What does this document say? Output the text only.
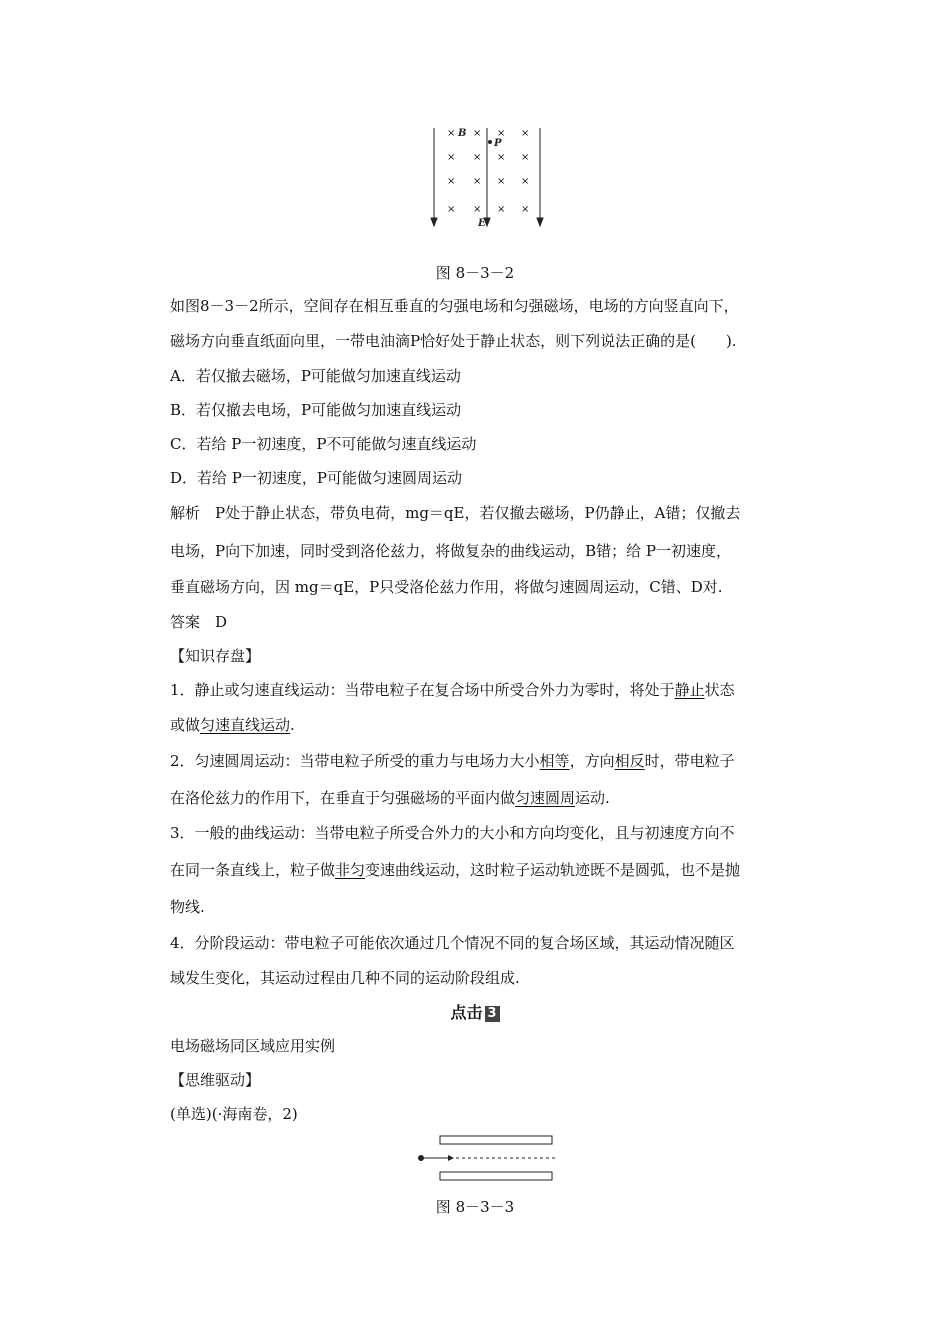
× × × ×
× × × ×
× × × ×
× × × ×
B
P
E
图 8－3－2
如图8－3－2所示，空间存在相互垂直的匀强电场和匀强磁场，电场的方向竖直向下，
磁场方向垂直纸面向里，一带电油滴P恰好处于静止状态，则下列说法正确的是(　　).
A．若仅撤去磁场，P可能做匀加速直线运动
B．若仅撤去电场，P可能做匀加速直线运动
C．若给 P一初速度，P不可能做匀速直线运动
D．若给 P一初速度，P可能做匀速圆周运动
解析　P处于静止状态，带负电荷，mg＝qE，若仅撤去磁场，P仍静止，A错；仅撤去
电场，P向下加速，同时受到洛伦兹力，将做复杂的曲线运动，B错；给 P一初速度，
垂直磁场方向，因 mg＝qE，P只受洛伦兹力作用，将做匀速圆周运动，C错、D对.
答案　D
【知识存盘】
1．静止或匀速直线运动：当带电粒子在复合场中所受合外力为零时，将处于静止状态
或做匀速直线运动.
2．匀速圆周运动：当带电粒子所受的重力与电场力大小相等，方向相反时，带电粒子
在洛伦兹力的作用下，在垂直于匀强磁场的平面内做匀速圆周运动.
3．一般的曲线运动：当带电粒子所受合外力的大小和方向均变化，且与初速度方向不
在同一条直线上，粒子做非匀变速曲线运动，这时粒子运动轨迹既不是圆弧，也不是抛
物线.
4．分阶段运动：带电粒子可能依次通过几个情况不同的复合场区域，其运动情况随区
域发生变化，其运动过程由几种不同的运动阶段组成.
点击 3
电场磁场同区域应用实例
【思维驱动】
(单选)(·海南卷，2)
图 8－3－3
